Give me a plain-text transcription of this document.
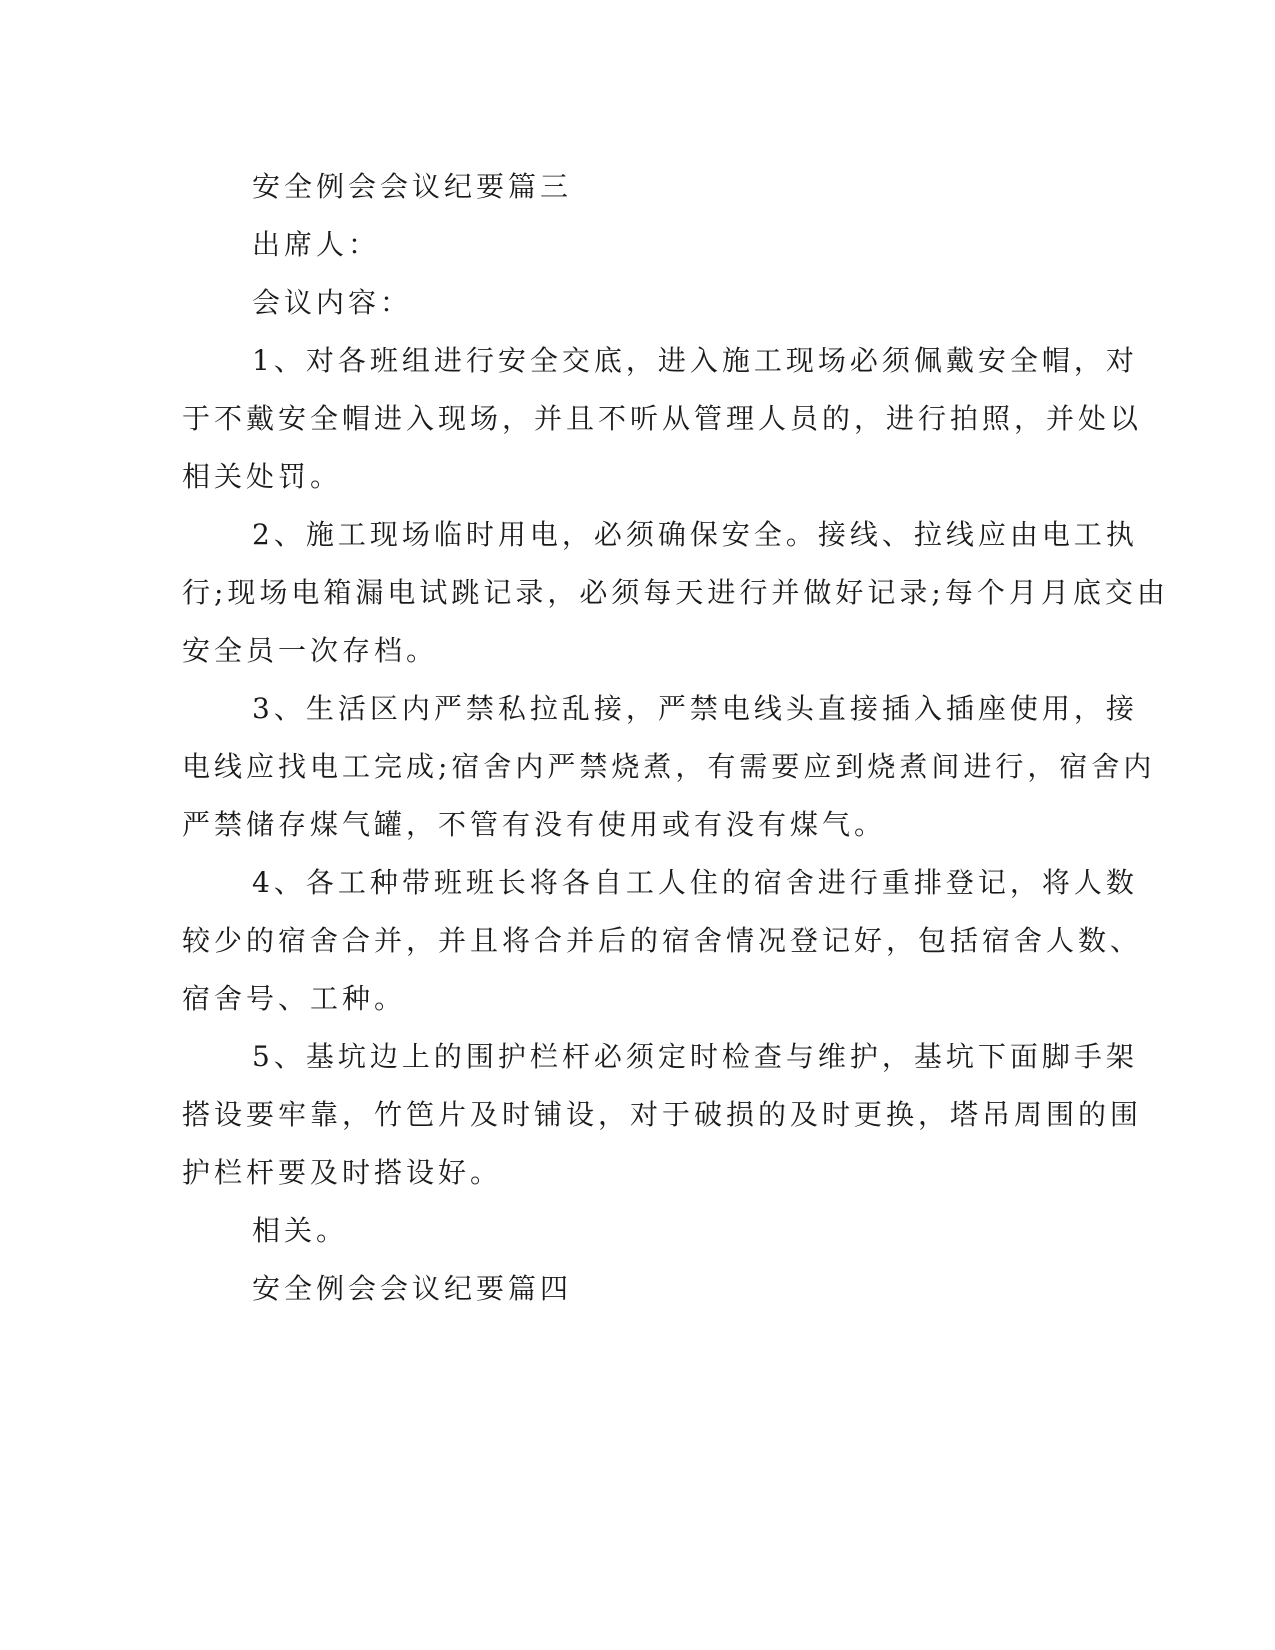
安全例会会议纪要篇三

出席人：

会议内容：

1、对各班组进行安全交底，进入施工现场必须佩戴安全帽，对

于不戴安全帽进入现场，并且不听从管理人员的，进行拍照，并处以

相关处罚。

2、施工现场临时用电，必须确保安全。接线、拉线应由电工执

行;现场电箱漏电试跳记录，必须每天进行并做好记录;每个月月底交由

安全员一次存档。

3、生活区内严禁私拉乱接，严禁电线头直接插入插座使用，接

电线应找电工完成;宿舍内严禁烧煮，有需要应到烧煮间进行，宿舍内

严禁储存煤气罐，不管有没有使用或有没有煤气。

4、各工种带班班长将各自工人住的宿舍进行重排登记，将人数

较少的宿舍合并，并且将合并后的宿舍情况登记好，包括宿舍人数、

宿舍号、工种。

5、基坑边上的围护栏杆必须定时检查与维护，基坑下面脚手架

搭设要牢靠，竹笆片及时铺设，对于破损的及时更换，塔吊周围的围

护栏杆要及时搭设好。

相关。

安全例会会议纪要篇四
